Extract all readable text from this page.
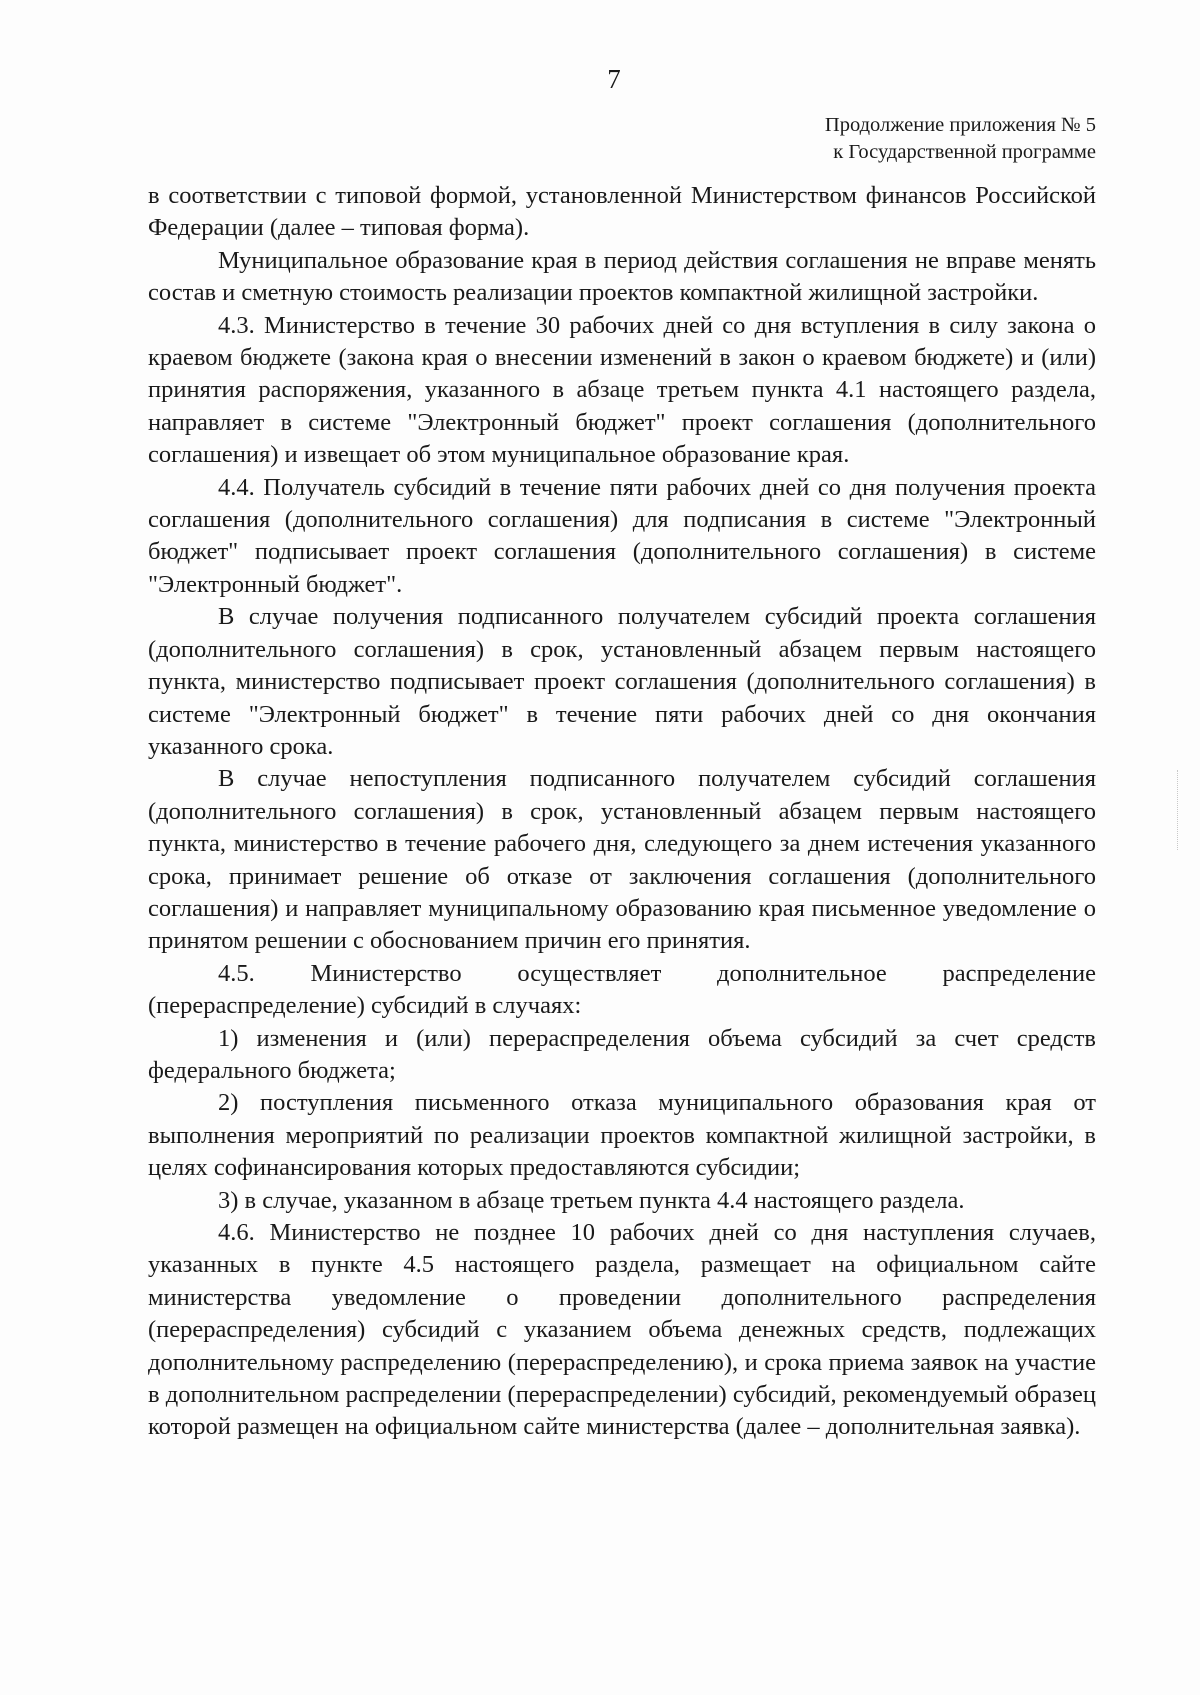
7
Продолжение приложения № 5
к Государственной программе

в соответствии с типовой формой, установленной Министерством финансов Российской Федерации (далее – типовая форма).

Муниципальное образование края в период действия соглашения не вправе менять состав и сметную стоимость реализации проектов компактной жилищной застройки.

4.3. Министерство в течение 30 рабочих дней со дня вступления в силу закона о краевом бюджете (закона края о внесении изменений в закон о краевом бюджете) и (или) принятия распоряжения, указанного в абзаце третьем пункта 4.1 настоящего раздела, направляет в системе "Электронный бюджет" проект соглашения (дополнительного соглашения) и извещает об этом муниципальное образование края.

4.4. Получатель субсидий в течение пяти рабочих дней со дня получения проекта соглашения (дополнительного соглашения) для подписания в системе "Электронный бюджет" подписывает проект соглашения (дополнительного соглашения) в системе "Электронный бюджет".

В случае получения подписанного получателем субсидий проекта соглашения (дополнительного соглашения) в срок, установленный абзацем первым настоящего пункта, министерство подписывает проект соглашения (дополнительного соглашения) в системе "Электронный бюджет" в течение пяти рабочих дней со дня окончания указанного срока.

В случае непоступления подписанного получателем субсидий соглашения (дополнительного соглашения) в срок, установленный абзацем первым настоящего пункта, министерство в течение рабочего дня, следующего за днем истечения указанного срока, принимает решение об отказе от заключения соглашения (дополнительного соглашения) и направляет муниципальному образованию края письменное уведомление о принятом решении с обоснованием причин его принятия.

4.5. Министерство осуществляет дополнительное распределение (перераспределение) субсидий в случаях:

1) изменения и (или) перераспределения объема субсидий за счет средств федерального бюджета;

2) поступления письменного отказа муниципального образования края от выполнения мероприятий по реализации проектов компактной жилищной застройки, в целях софинансирования которых предоставляются субсидии;

3) в случае, указанном в абзаце третьем пункта 4.4 настоящего раздела.

4.6. Министерство не позднее 10 рабочих дней со дня наступления случаев, указанных в пункте 4.5 настоящего раздела, размещает на официальном сайте министерства уведомление о проведении дополнительного распределения (перераспределения) субсидий с указанием объема денежных средств, подлежащих дополнительному распределению (перераспределению), и срока приема заявок на участие в дополнительном распределении (перераспределении) субсидий, рекомендуемый образец которой размещен на официальном сайте министерства (далее – дополнительная заявка).
